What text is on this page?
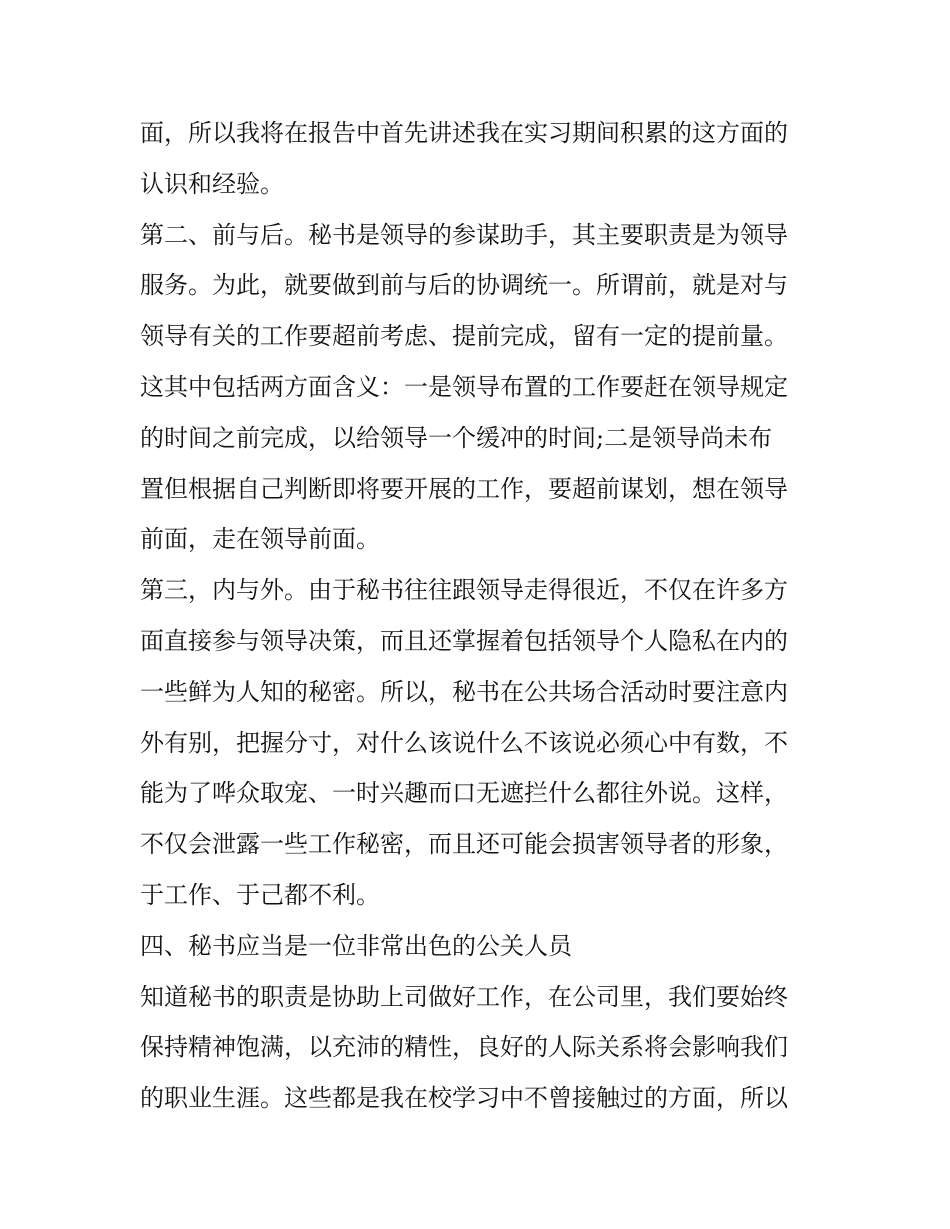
面，所以我将在报告中首先讲述我在实习期间积累的这方面的
认识和经验。
第二、前与后。秘书是领导的参谋助手，其主要职责是为领导
服务。为此，就要做到前与后的协调统一。所谓前，就是对与
领导有关的工作要超前考虑、提前完成，留有一定的提前量。
这其中包括两方面含义：一是领导布置的工作要赶在领导规定
的时间之前完成，以给领导一个缓冲的时间;二是领导尚未布
置但根据自己判断即将要开展的工作，要超前谋划，想在领导
前面，走在领导前面。
第三，内与外。由于秘书往往跟领导走得很近，不仅在许多方
面直接参与领导决策，而且还掌握着包括领导个人隐私在内的
一些鲜为人知的秘密。所以，秘书在公共场合活动时要注意内
外有别，把握分寸，对什么该说什么不该说必须心中有数，不
能为了哗众取宠、一时兴趣而口无遮拦什么都往外说。这样，
不仅会泄露一些工作秘密，而且还可能会损害领导者的形象，
于工作、于己都不利。
四、秘书应当是一位非常出色的公关人员
知道秘书的职责是协助上司做好工作，在公司里，我们要始终
保持精神饱满，以充沛的精性，良好的人际关系将会影响我们
的职业生涯。这些都是我在校学习中不曾接触过的方面，所以
